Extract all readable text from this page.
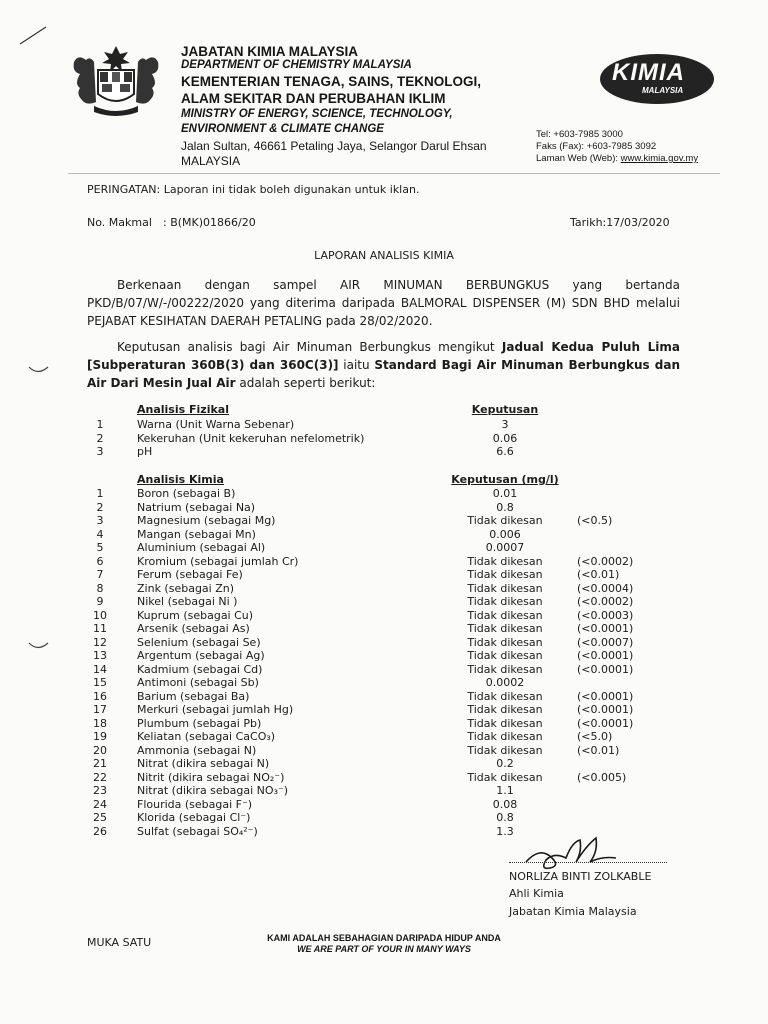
JABATAN KIMIA MALAYSIA
DEPARTMENT OF CHEMISTRY MALAYSIA
KEMENTERIAN TENAGA, SAINS, TEKNOLOGI,
ALAM SEKITAR DAN PERUBAHAN IKLIM
MINISTRY OF ENERGY, SCIENCE, TECHNOLOGY,
ENVIRONMENT & CLIMATE CHANGE
Jalan Sultan, 46661 Petaling Jaya, Selangor Darul Ehsan
MALAYSIA
KIMIA
MALAYSIA
Tel: +603-7985 3000
Faks (Fax): +603-7985 3092
Laman Web (Web): www.kimia.gov.my
PERINGATAN: Laporan ini tidak boleh digunakan untuk iklan.
No. Makmal : B(MK)01866/20	Tarikh:17/03/2020
LAPORAN ANALISIS KIMIA
Berkenaan dengan sampel AIR MINUMAN BERBUNGKUS yang bertanda PKD/B/07/W/-/00222/2020 yang diterima daripada BALMORAL DISPENSER (M) SDN BHD melalui PEJABAT KESIHATAN DAERAH PETALING pada 28/02/2020.
Keputusan analisis bagi Air Minuman Berbungkus mengikut Jadual Kedua Puluh Lima [Subperaturan 360B(3) dan 360C(3)] iaitu Standard Bagi Air Minuman Berbungkus dan Air Dari Mesin Jual Air adalah seperti berikut:
Analisis Fizikal	Keputusan
1	Warna (Unit Warna Sebenar)	3
2	Kekeruhan (Unit kekeruhan nefelometrik)	0.06
3	pH	6.6
Analisis Kimia	Keputusan (mg/l)
1	Boron (sebagai B)	0.01
2	Natrium (sebagai Na)	0.8
3	Magnesium (sebagai Mg)	Tidak dikesan	(<0.5)
4	Mangan (sebagai Mn)	0.006
5	Aluminium (sebagai Al)	0.0007
6	Kromium (sebagai jumlah Cr)	Tidak dikesan	(<0.0002)
7	Ferum (sebagai Fe)	Tidak dikesan	(<0.01)
8	Zink (sebagai Zn)	Tidak dikesan	(<0.0004)
9	Nikel (sebagai Ni )	Tidak dikesan	(<0.0002)
10	Kuprum (sebagai Cu)	Tidak dikesan	(<0.0003)
11	Arsenik (sebagai As)	Tidak dikesan	(<0.0001)
12	Selenium (sebagai Se)	Tidak dikesan	(<0.0007)
13	Argentum (sebagai Ag)	Tidak dikesan	(<0.0001)
14	Kadmium (sebagai Cd)	Tidak dikesan	(<0.0001)
15	Antimoni (sebagai Sb)	0.0002
16	Barium (sebagai Ba)	Tidak dikesan	(<0.0001)
17	Merkuri (sebagai jumlah Hg)	Tidak dikesan	(<0.0001)
18	Plumbum (sebagai Pb)	Tidak dikesan	(<0.0001)
19	Keliatan (sebagai CaCO₃)	Tidak dikesan	(<5.0)
20	Ammonia (sebagai N)	Tidak dikesan	(<0.01)
21	Nitrat (dikira sebagai N)	0.2
22	Nitrit (dikira sebagai NO₂⁻)	Tidak dikesan	(<0.005)
23	Nitrat (dikira sebagai NO₃⁻)	1.1
24	Flourida (sebagai F⁻)	0.08
25	Klorida (sebagai Cl⁻)	0.8
26	Sulfat (sebagai SO₄²⁻)	1.3
NORLIZA BINTI ZOLKABLE
Ahli Kimia
Jabatan Kimia Malaysia
MUKA SATU	KAMI ADALAH SEBAHAGIAN DARIPADA HIDUP ANDA
WE ARE PART OF YOUR IN MANY WAYS
